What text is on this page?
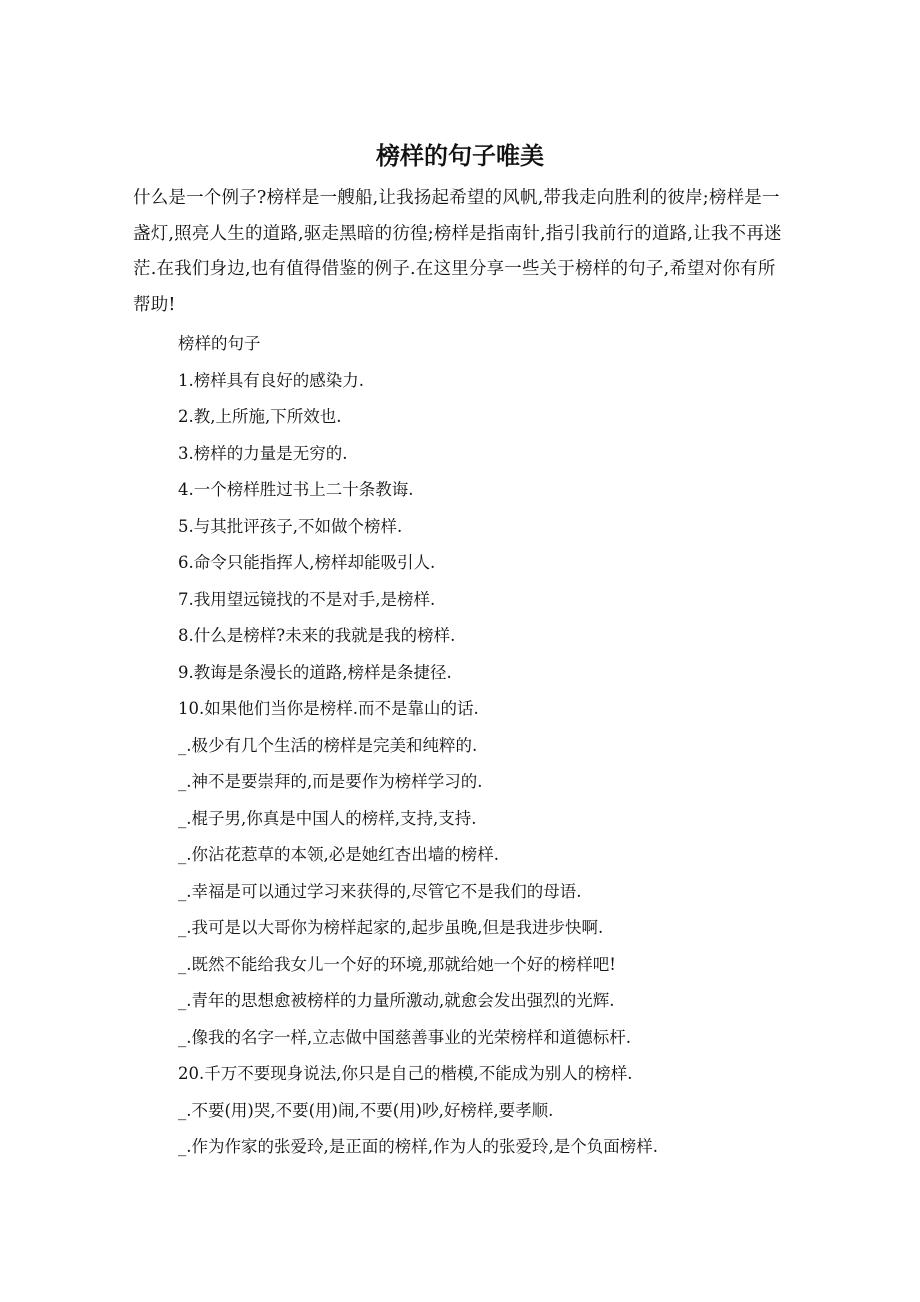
榜样的句子唯美

什么是一个例子?榜样是一艘船,让我扬起希望的风帆,带我走向胜利的彼岸;榜样是一盏灯,照亮人生的道路,驱走黑暗的彷徨;榜样是指南针,指引我前行的道路,让我不再迷茫.在我们身边,也有值得借鉴的例子.在这里分享一些关于榜样的句子,希望对你有所帮助!

榜样的句子
1.榜样具有良好的感染力.
2.教,上所施,下所效也.
3.榜样的力量是无穷的.
4.一个榜样胜过书上二十条教诲.
5.与其批评孩子,不如做个榜样.
6.命令只能指挥人,榜样却能吸引人.
7.我用望远镜找的不是对手,是榜样.
8.什么是榜样?未来的我就是我的榜样.
9.教诲是条漫长的道路,榜样是条捷径.
10.如果他们当你是榜样.而不是靠山的话.
_.极少有几个生活的榜样是完美和纯粹的.
_.神不是要崇拜的,而是要作为榜样学习的.
_.棍子男,你真是中国人的榜样,支持,支持.
_.你沾花惹草的本领,必是她红杏出墙的榜样.
_.幸福是可以通过学习来获得的,尽管它不是我们的母语.
_.我可是以大哥你为榜样起家的,起步虽晚,但是我进步快啊.
_.既然不能给我女儿一个好的环境,那就给她一个好的榜样吧!
_.青年的思想愈被榜样的力量所激动,就愈会发出强烈的光辉.
_.像我的名字一样,立志做中国慈善事业的光荣榜样和道德标杆.
20.千万不要现身说法,你只是自己的楷模,不能成为别人的榜样.
_.不要(用)哭,不要(用)闹,不要(用)吵,好榜样,要孝顺.
_.作为作家的张爱玲,是正面的榜样,作为人的张爱玲,是个负面榜样.
